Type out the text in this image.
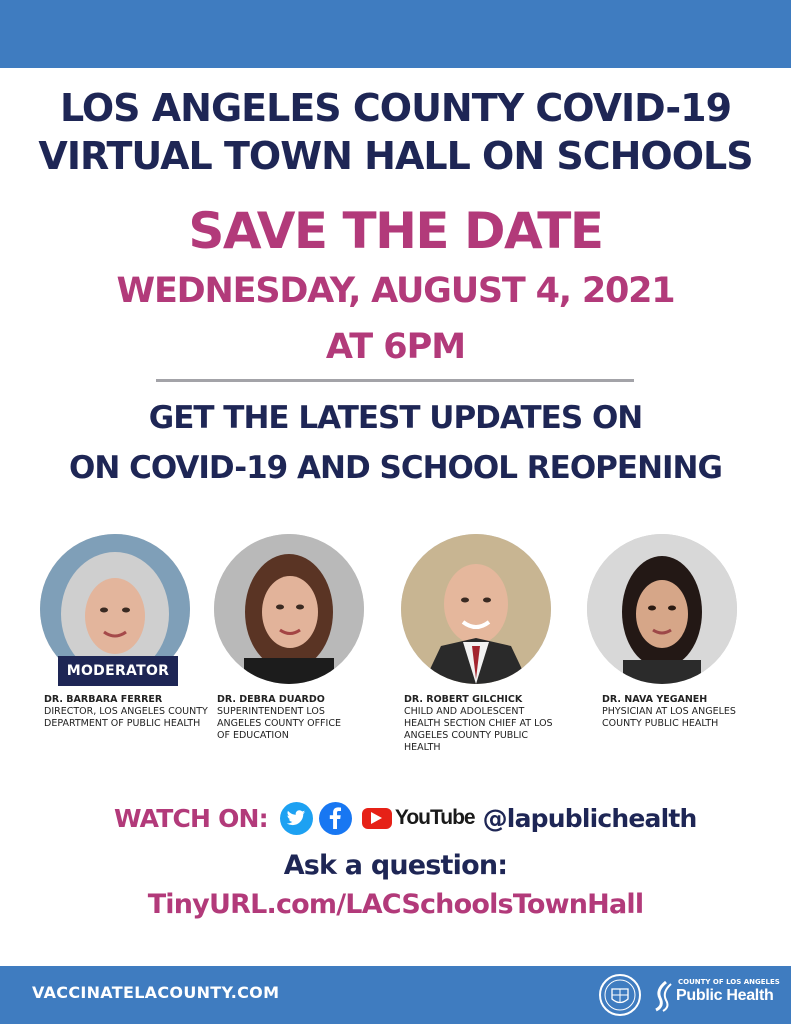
LOS ANGELES COUNTY COVID-19
VIRTUAL TOWN HALL ON SCHOOLS
SAVE THE DATE
WEDNESDAY, AUGUST 4, 2021
AT 6PM
GET THE LATEST UPDATES ON
ON COVID-19 AND SCHOOL REOPENING
MODERATOR
DR. BARBARA FERRER
DIRECTOR, LOS ANGELES COUNTY DEPARTMENT OF PUBLIC HEALTH
DR. DEBRA DUARDO
SUPERINTENDENT LOS ANGELES COUNTY OFFICE OF EDUCATION
DR. ROBERT GILCHICK
CHILD AND ADOLESCENT HEALTH SECTION CHIEF AT LOS ANGELES COUNTY PUBLIC HEALTH
DR. NAVA YEGANEH
PHYSICIAN AT LOS ANGELES COUNTY PUBLIC HEALTH
WATCH ON:	YouTube @lapublichealth
Ask a question:
TinyURL.com/LACSchoolsTownHall
VACCINATELACOUNTY.COM
COUNTY OF LOS ANGELES
Public Health
